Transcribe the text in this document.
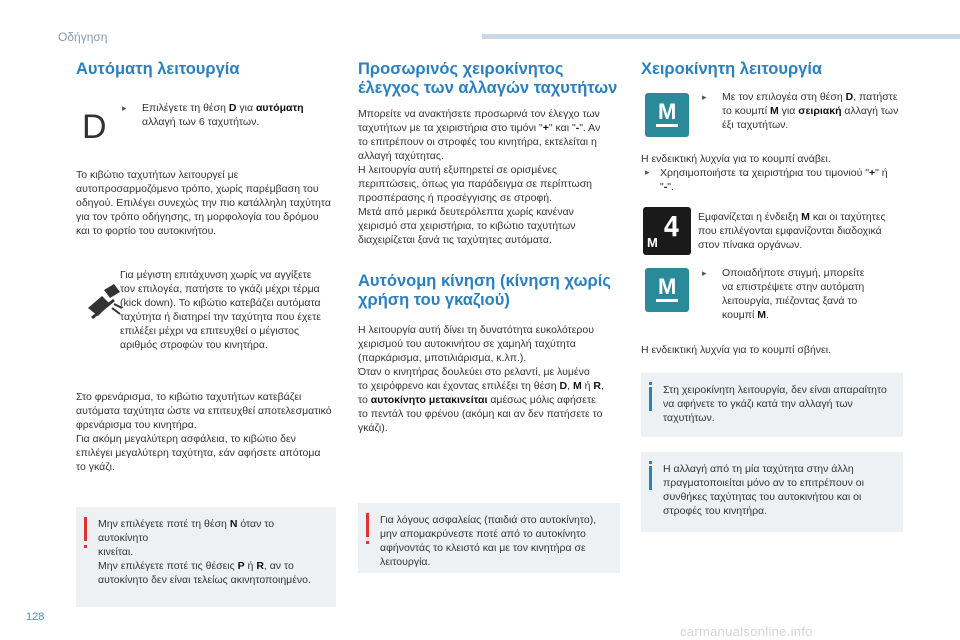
Οδήγηση
Αυτόματη λειτουργία
D	▸ Επιλέγετε τη θέση D για αυτόματη
αλλαγή των 6 ταχυτήτων.
Το κιβώτιο ταχυτήτων λειτουργεί με
αυτοπροσαρμοζόμενο τρόπο, χωρίς παρέμβαση του
οδηγού. Επιλέγει συνεχώς την πιο κατάλληλη ταχύτητα
για τον τρόπο οδήγησης, τη μορφολογία του δρόμου
και το φορτίο του αυτοκινήτου.
Για μέγιστη επιτάχυνση χωρίς να αγγίξετε
τον επιλογέα, πατήστε το γκάζι μέχρι τέρμα
(kick down). Το κιβώτιο κατεβάζει αυτόματα
ταχύτητα ή διατηρεί την ταχύτητα που έχετε
επιλέξει μέχρι να επιτευχθεί ο μέγιστος
αριθμός στροφών του κινητήρα.
Στο φρενάρισμα, το κιβώτιο ταχυτήτων κατεβάζει
αυτόματα ταχύτητα ώστε να επιτευχθεί αποτελεσματικό
φρενάρισμα του κινητήρα.
Για ακόμη μεγαλύτερη ασφάλεια, το κιβώτιο δεν
επιλέγει μεγαλύτερη ταχύτητα, εάν αφήσετε απότομα
το γκάζι.
Μην επιλέγετε ποτέ τη θέση N όταν το αυτοκίνητο
κινείται.
Μην επιλέγετε ποτέ τις θέσεις P ή R, αν το
αυτοκίνητο δεν είναι τελείως ακινητοποιημένο.
Προσωρινός χειροκίνητος
έλεγχος των αλλαγών ταχυτήτων
Μπορείτε να ανακτήσετε προσωρινά τον έλεγχο των
ταχυτήτων με τα χειριστήρια στο τιμόνι "+" και "-". Αν
το επιτρέπουν οι στροφές του κινητήρα, εκτελείται η
αλλαγή ταχύτητας.
Η λειτουργία αυτή εξυπηρετεί σε ορισμένες
περιπτώσεις, όπως για παράδειγμα σε περίπτωση
προσπέρασης ή προσέγγισης σε στροφή.
Μετά από μερικά δευτερόλεπτα χωρίς κανέναν
χειρισμό στα χειριστήρια, το κιβώτιο ταχυτήτων
διαχειρίζεται ξανά τις ταχύτητες αυτόματα.
Αυτόνομη κίνηση (κίνηση χωρίς
χρήση του γκαζιού)
Η λειτουργία αυτή δίνει τη δυνατότητα ευκολότερου
χειρισμού του αυτοκινήτου σε χαμηλή ταχύτητα
(παρκάρισμα, μποτιλιάρισμα, κ.λπ.).
Όταν ο κινητήρας δουλεύει στο ρελαντί, με λυμένο
το χειρόφρενο και έχοντας επιλέξει τη θέση D, M ή R,
το αυτοκίνητο μετακινείται αμέσως μόλις αφήσετε
το πεντάλ του φρένου (ακόμη και αν δεν πατήσετε το
γκάζι).
Για λόγους ασφαλείας (παιδιά στο αυτοκίνητο),
μην απομακρύνεστε ποτέ από το αυτοκίνητο
αφήνοντάς το κλειστό και με τον κινητήρα σε
λειτουργία.
Χειροκίνητη λειτουργία
M
▸ Με τον επιλογέα στη θέση D, πατήστε
το κουμπί M για σειριακή αλλαγή των
έξι ταχυτήτων.
Η ενδεικτική λυχνία για το κουμπί ανάβει.
▸ Χρησιμοποιήστε τα χειριστήρια του τιμονιού "+" ή
"-".
4
M
Εμφανίζεται η ένδειξη M και οι ταχύτητες
που επιλέγονται εμφανίζονται διαδοχικά
στον πίνακα οργάνων.
M
▸ Οποιαδήποτε στιγμή, μπορείτε
να επιστρέψετε στην αυτόματη
λειτουργία, πιέζοντας ξανά το
κουμπί M.
Η ενδεικτική λυχνία για το κουμπί σβήνει.
Στη χειροκίνητη λειτουργία, δεν είναι απαραίτητο
να αφήνετε το γκάζι κατά την αλλαγή των
ταχυτήτων.
Η αλλαγή από τη μία ταχύτητα στην άλλη
πραγματοποιείται μόνο αν το επιτρέπουν οι
συνθήκες ταχύτητας του αυτοκινήτου και οι
στροφές του κινητήρα.
128
carmanualsonline.info
